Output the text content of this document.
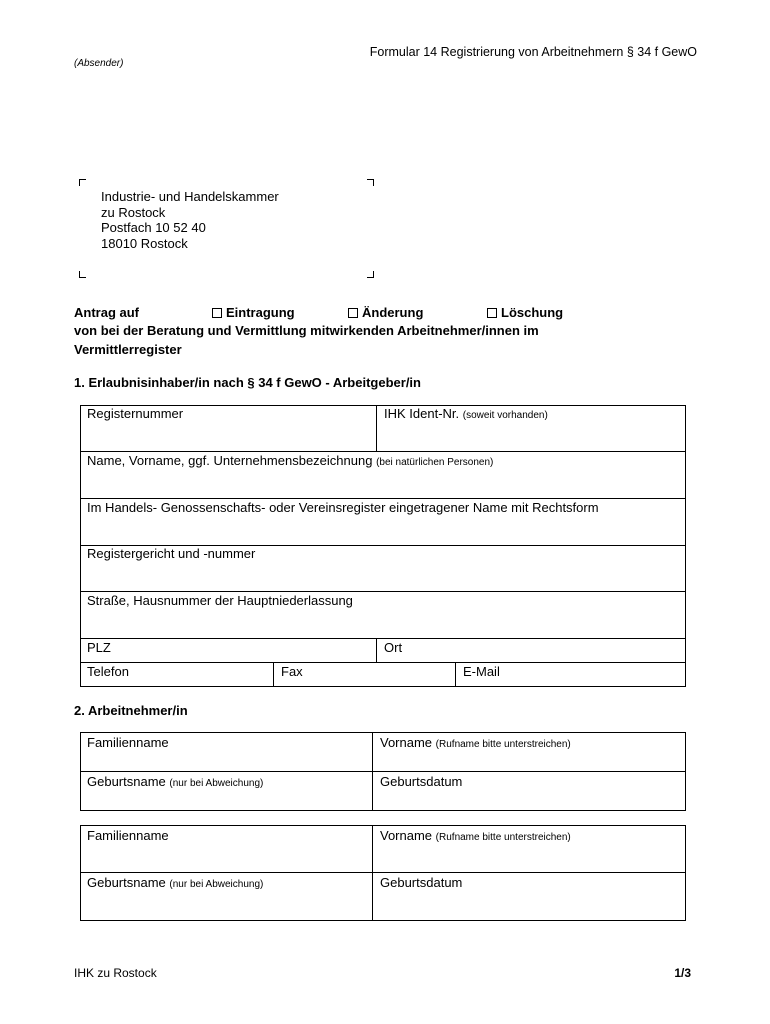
Formular 14 Registrierung von Arbeitnehmern § 34 f GewO
(Absender)
Industrie- und Handelskammer
zu Rostock
Postfach 10 52 40
18010 Rostock
Antrag auf	Eintragung	Änderung	Löschung
von bei der Beratung und Vermittlung mitwirkenden Arbeitnehmer/innen im
Vermittlerregister
1. Erlaubnisinhaber/in nach § 34 f GewO - Arbeitgeber/in
Registernummer	IHK Ident-Nr. (soweit vorhanden)
Name, Vorname, ggf. Unternehmensbezeichnung (bei natürlichen Personen)
Im Handels- Genossenschafts- oder Vereinsregister eingetragener Name mit Rechtsform
Registergericht und -nummer
Straße, Hausnummer der Hauptniederlassung
PLZ	Ort
Telefon	Fax	E-Mail
2. Arbeitnehmer/in
Familienname	Vorname (Rufname bitte unterstreichen)
Geburtsname (nur bei Abweichung)	Geburtsdatum
Familienname	Vorname (Rufname bitte unterstreichen)
Geburtsname (nur bei Abweichung)	Geburtsdatum
IHK zu Rostock	1/3
